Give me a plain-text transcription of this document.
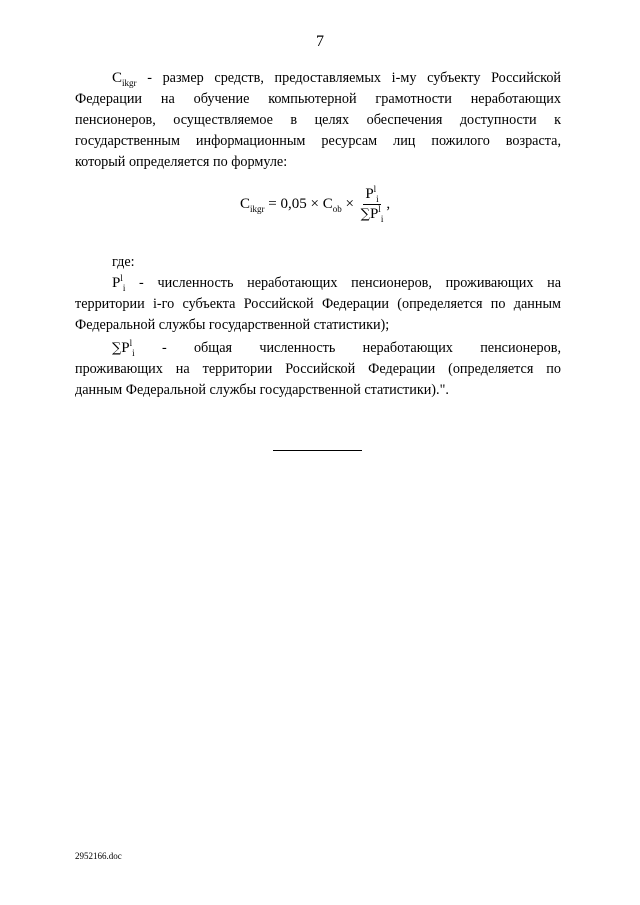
7
$C_{ikgr}$ - размер средств, предоставляемых i-му субъекту Российской
Федерации на обучение компьютерной грамотности неработающих
пенсионеров, осуществляемое в целях обеспечения доступности к
государственным информационным ресурсам лиц пожилого возраста,
который определяется по формуле:
$C_{ikgr} = 0,05 \times C_{ob} \times \frac{P^l_i}{\sum P^l_i}$ ,
где:
$P^l_i$ - численность неработающих пенсионеров, проживающих на
территории i-го субъекта Российской Федерации (определяется по данным
Федеральной службы государственной статистики);
$\sum P^l_i$ - общая численность неработающих пенсионеров,
проживающих на территории Российской Федерации (определяется по
данным Федеральной службы государственной статистики).".
2952166.doc
